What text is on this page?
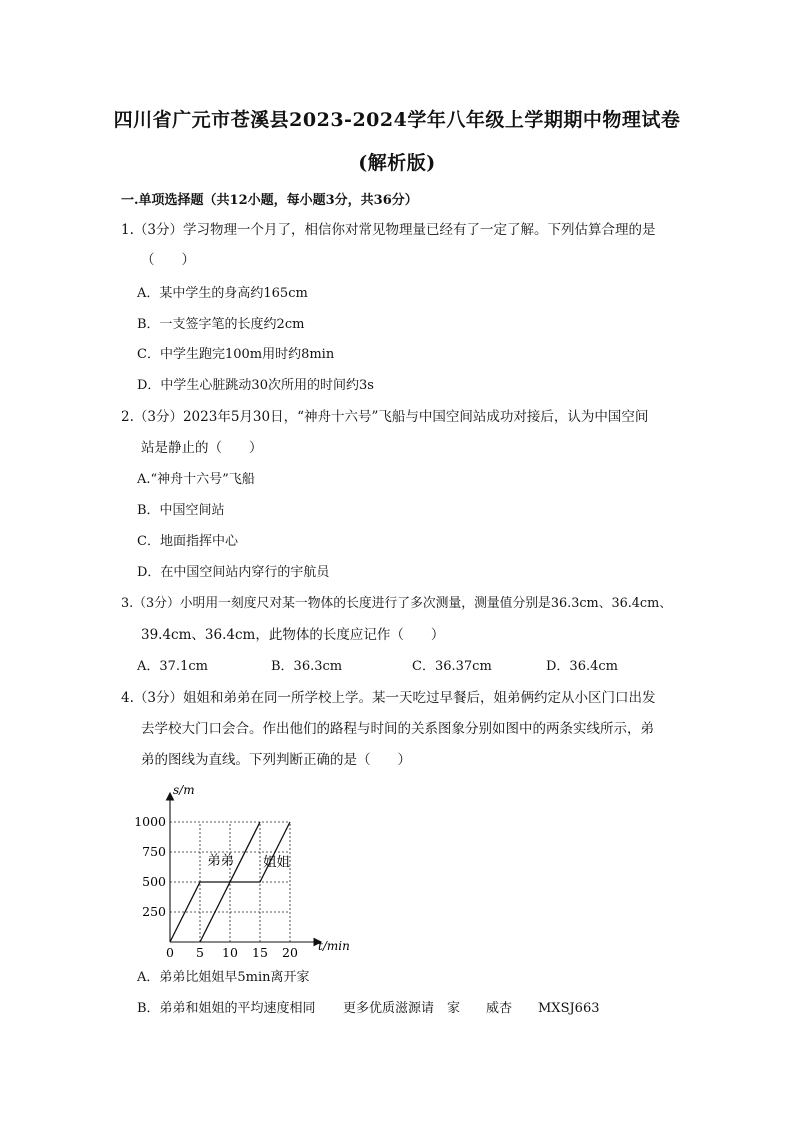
四川省广元市苍溪县2023-2024学年八年级上学期期中物理试卷
(解析版)
一.单项选择题（共12小题，每小题3分，共36分）
1.（3分）学习物理一个月了，相信你对常见物理量已经有了一定了解。下列估算合理的是
（　　）
A．某中学生的身高约165cm
B．一支签字笔的长度约2cm
C．中学生跑完100m用时约8min
D．中学生心脏跳动30次所用的时间约3s
2.（3分）2023年5月30日，“神舟十六号”飞船与中国空间站成功对接后，认为中国空间
站是静止的（　　）
A.“神舟十六号”飞船
B．中国空间站
C．地面指挥中心
D．在中国空间站内穿行的宇航员
3.（3分）小明用一刻度尺对某一物体的长度进行了多次测量，测量值分别是36.3cm、36.4cm、
39.4cm、36.4cm，此物体的长度应记作（　　）
A．37.1cm	B．36.3cm	C．36.37cm	D．36.4cm
4.（3分）姐姐和弟弟在同一所学校上学。某一天吃过早餐后，姐弟俩约定从小区门口出发
去学校大门口会合。作出他们的路程与时间的关系图象分别如图中的两条实线所示，弟
弟的图线为直线。下列判断正确的是（　　）
0 5 10 15 20
250
500
750
1000
t/min
s/m
弟弟 姐姐
A．弟弟比姐姐早5min离开家
B．弟弟和姐姐的平均速度相同 更多优质滋源请　家　　威杏　　MXSJ663
